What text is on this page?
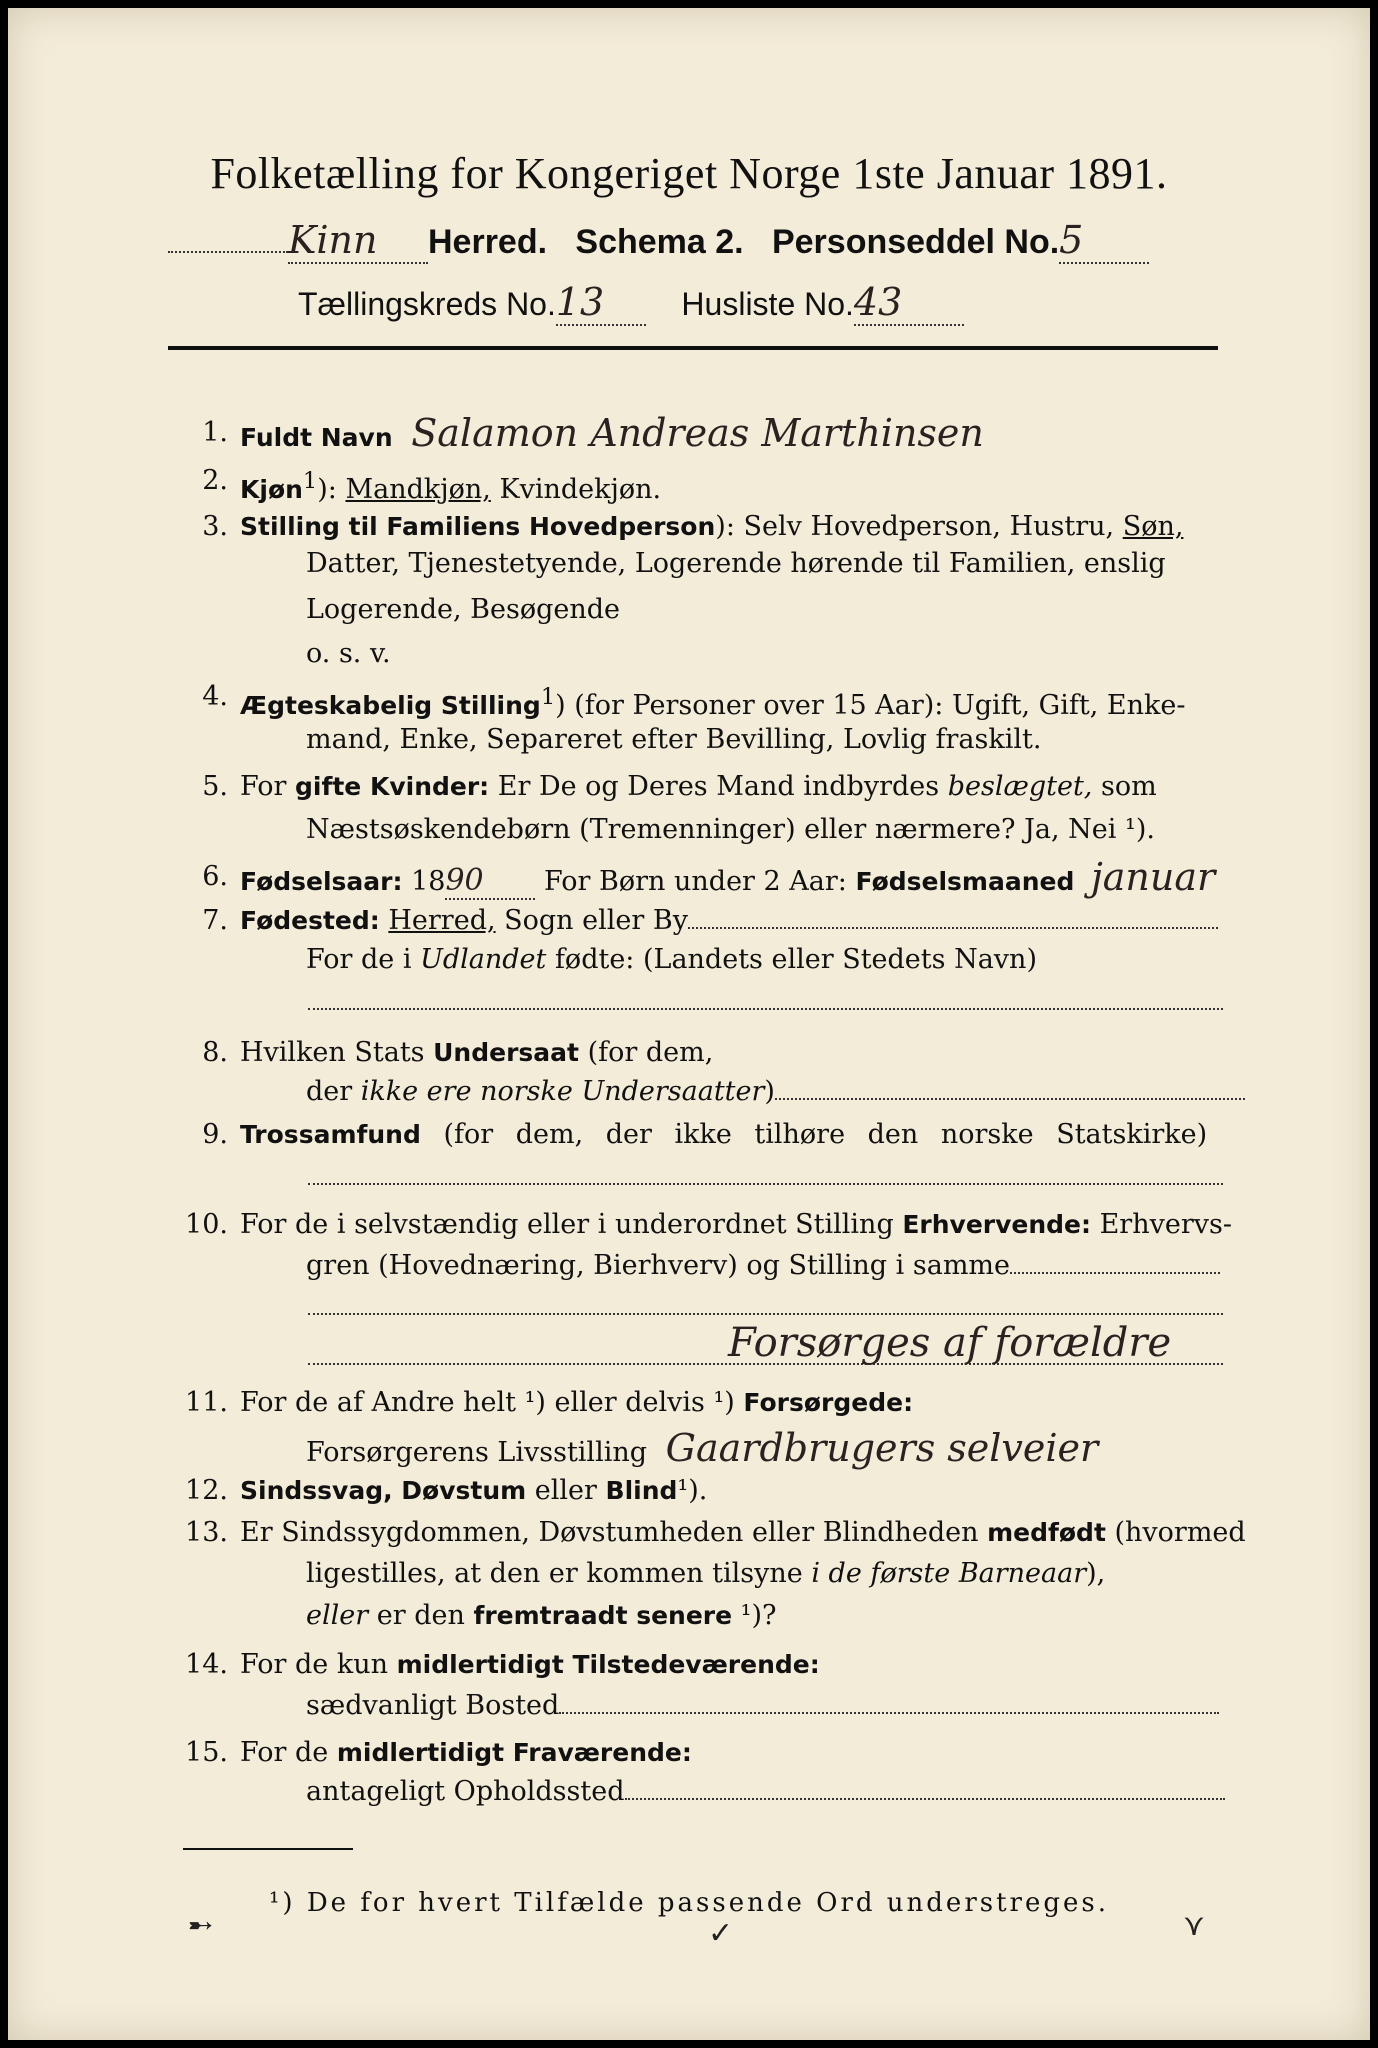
Folketælling for Kongeriget Norge 1ste Januar 1891.
Kinn Herred. Schema 2. Personseddel No.5
Tællingskreds No.13 Husliste No.43
1. Fuldt Navn Salamon Andreas Marthinsen
2. Kjøn$^1$): Mandkjøn, Kvindekjøn.
3. Stilling til Familiens Hovedperson): Selv Hovedperson, Hustru, Søn,
Datter, Tjenestetyende, Logerende hørende til Familien, enslig
Logerende, Besøgende
o. s. v.
4. Ægteskabelig Stilling$^1$) (for Personer over 15 Aar): Ugift, Gift, Enke-
mand, Enke, Separeret efter Bevilling, Lovlig fraskilt.
5. For gifte Kvinder: Er De og Deres Mand indbyrdes beslægtet, som
Næstsøskendebørn (Tremenninger) eller nærmere? Ja, Nei ¹).
6. Fødselsaar: 1890 For Børn under 2 Aar: Fødselsmaaned januar
7. Fødested: Herred, Sogn eller By
For de i Udlandet fødte: (Landets eller Stedets Navn)
8. Hvilken Stats Undersaat (for dem,
der ikke ere norske Undersaatter)
9. Trossamfund (for dem, der ikke tilhøre den norske Statskirke)
10. For de i selvstændig eller i underordnet Stilling Erhvervende: Erhvervs-
gren (Hovednæring, Bierhverv) og Stilling i samme
Forsørges af forældre
11. For de af Andre helt ¹) eller delvis ¹) Forsørgede:
Forsørgerens Livsstilling Gaardbrugers selveier
12. Sindssvag, Døvstum eller Blind¹).
13. Er Sindssygdommen, Døvstumheden eller Blindheden medfødt (hvormed
ligestilles, at den er kommen tilsyne i de første Barneaar),
eller er den fremtraadt senere ¹)?
14. For de kun midlertidigt Tilstedeværende:
sædvanligt Bosted
15. For de midlertidigt Fraværende:
antageligt Opholdssted
¹) De for hvert Tilfælde passende Ord understreges.
➸	✓	⋎
